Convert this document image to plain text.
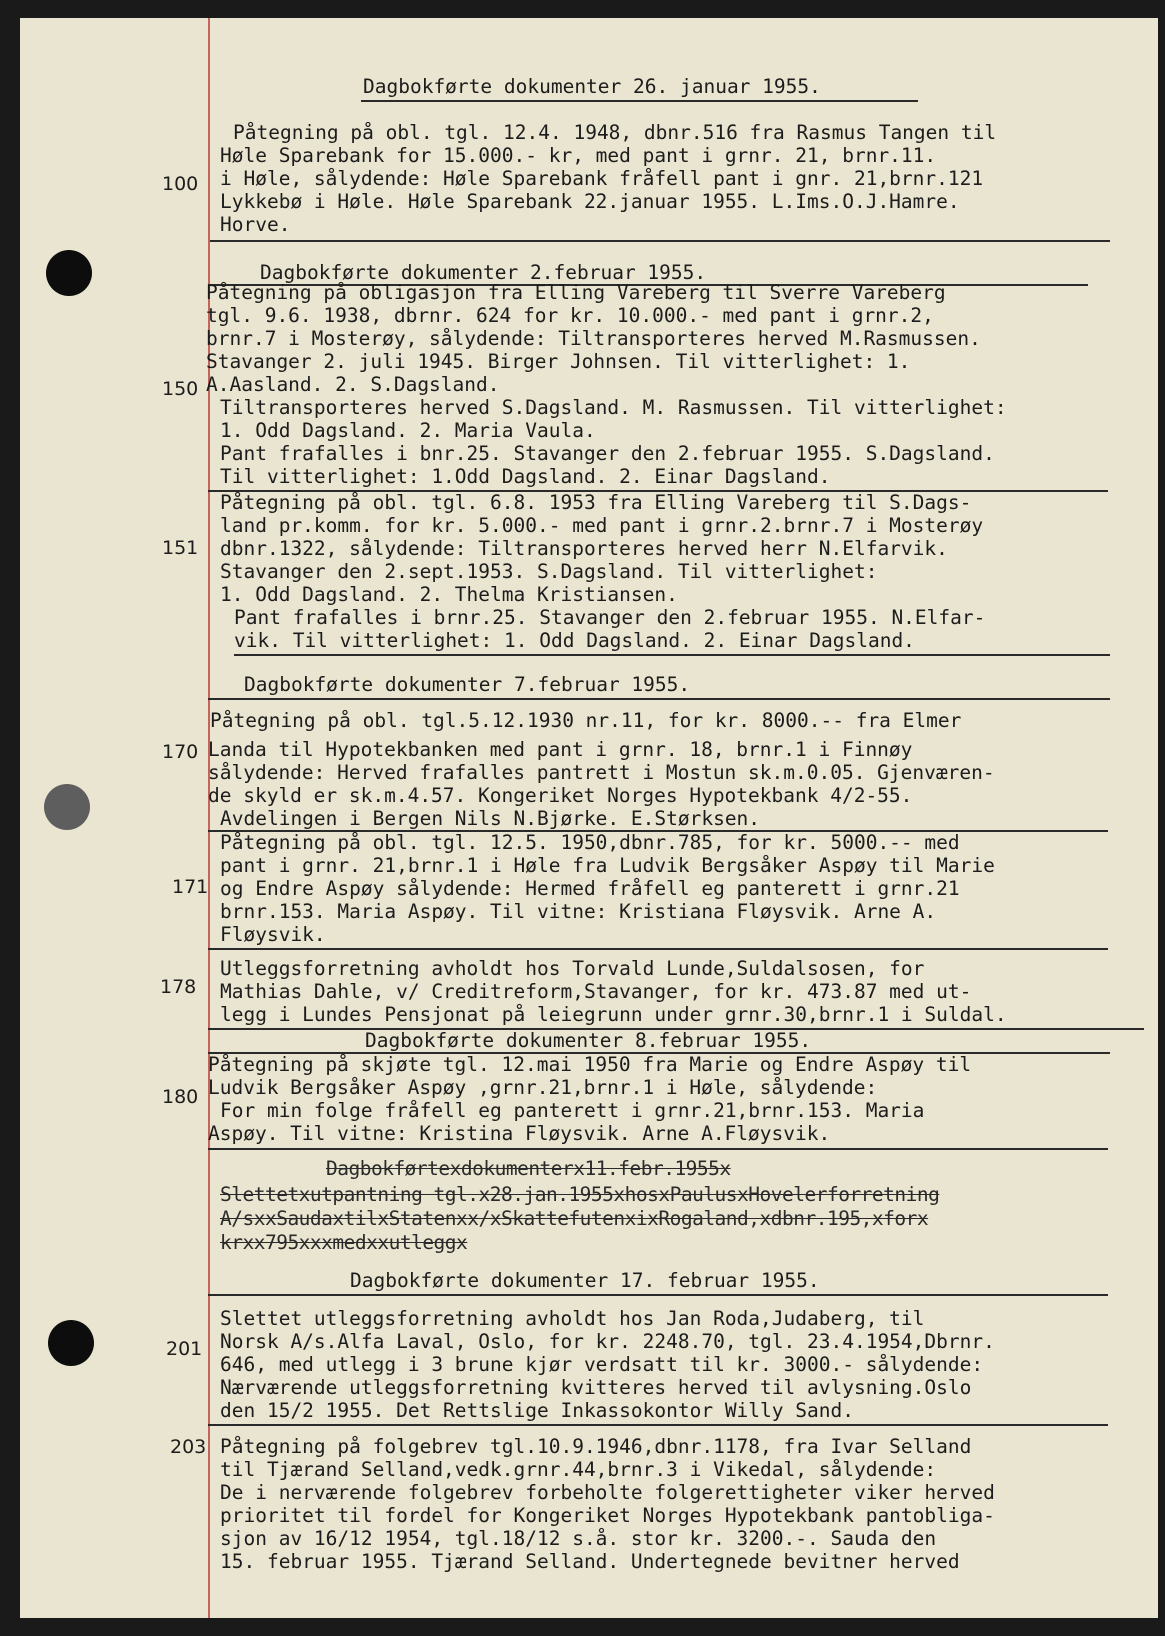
100

150

151

170

171

178

180

201

203

Dagbokførte dokumenter 26. januar 1955.

Påtegning på obl. tgl. 12.4. 1948, dbnr.516 fra Rasmus Tangen til

Høle Sparebank for 15.000.- kr, med pant i grnr. 21, brnr.11.

i Høle, sålydende: Høle Sparebank fråfell pant i gnr. 21,brnr.121

Lykkebø i Høle. Høle Sparebank 22.januar 1955. L.Ims.O.J.Hamre.

Horve.

Dagbokførte dokumenter 2.februar 1955.

Påtegning på obligasjon fra Elling Vareberg til Sverre Vareberg

tgl. 9.6. 1938, dbrnr. 624 for kr. 10.000.- med pant i grnr.2,

brnr.7 i Mosterøy, sålydende: Tiltransporteres herved M.Rasmussen.

Stavanger 2. juli 1945. Birger Johnsen. Til vitterlighet: 1.

A.Aasland. 2. S.Dagsland.

Tiltransporteres herved S.Dagsland. M. Rasmussen. Til vitterlighet:

1. Odd Dagsland. 2. Maria Vaula.

Pant frafalles i bnr.25. Stavanger den 2.februar 1955. S.Dagsland.

Til vitterlighet: 1.Odd Dagsland. 2. Einar Dagsland.

Påtegning på obl. tgl. 6.8. 1953 fra Elling Vareberg til S.Dags-

land pr.komm. for kr. 5.000.- med pant i grnr.2.brnr.7 i Mosterøy

dbnr.1322, sålydende: Tiltransporteres herved herr N.Elfarvik.

Stavanger den 2.sept.1953. S.Dagsland. Til vitterlighet:

1. Odd Dagsland. 2. Thelma Kristiansen.

Pant frafalles i brnr.25. Stavanger den 2.februar 1955. N.Elfar-

vik. Til vitterlighet: 1. Odd Dagsland. 2. Einar Dagsland.

Dagbokførte dokumenter 7.februar 1955.

Påtegning på obl. tgl.5.12.1930 nr.11, for kr. 8000.-- fra Elmer

Landa til Hypotekbanken med pant i grnr. 18, brnr.1 i Finnøy

sålydende: Herved frafalles pantrett i Mostun sk.m.0.05. Gjenværen-

de skyld er sk.m.4.57. Kongeriket Norges Hypotekbank 4/2-55.

Avdelingen i Bergen Nils N.Bjørke. E.Størksen.

Påtegning på obl. tgl. 12.5. 1950,dbnr.785, for kr. 5000.-- med

pant i grnr. 21,brnr.1 i Høle fra Ludvik Bergsåker Aspøy til Marie

og Endre Aspøy sålydende: Hermed fråfell eg panterett i grnr.21

brnr.153. Maria Aspøy. Til vitne: Kristiana Fløysvik. Arne A.

Fløysvik.

Utleggsforretning avholdt hos Torvald Lunde,Suldalsosen, for

Mathias Dahle, v/ Creditreform,Stavanger, for kr. 473.87 med ut-

legg i Lundes Pensjonat på leiegrunn under grnr.30,brnr.1 i Suldal.

Dagbokførte dokumenter 8.februar 1955.

Påtegning på skjøte tgl. 12.mai 1950 fra Marie og Endre Aspøy til

Ludvik Bergsåker Aspøy ,grnr.21,brnr.1 i Høle, sålydende:

For min folge fråfell eg panterett i grnr.21,brnr.153. Maria

Aspøy. Til vitne: Kristina Fløysvik. Arne A.Fløysvik.

Dagbokførtexdokumenterx11.febr.1955x

Slettetxutpantning tgl.x28.jan.1955xhosxPaulusxHovelerforretning

A/sxxSaudaxtilxStatenxx/xSkattefutenxixRogaland,xdbnr.195,xforx

krxx795xxxmedxxutleggx

Dagbokførte dokumenter 17. februar 1955.

Slettet utleggsforretning avholdt hos Jan Roda,Judaberg, til

Norsk A/s.Alfa Laval, Oslo, for kr. 2248.70, tgl. 23.4.1954,Dbrnr.

646, med utlegg i 3 brune kjør verdsatt til kr. 3000.- sålydende:

Nærværende utleggsforretning kvitteres herved til avlysning.Oslo

den 15/2 1955. Det Rettslige Inkassokontor Willy Sand.

Påtegning på folgebrev tgl.10.9.1946,dbnr.1178, fra Ivar Selland

til Tjærand Selland,vedk.grnr.44,brnr.3 i Vikedal, sålydende:

De i nerværende folgebrev forbeholte folgerettigheter viker herved

prioritet til fordel for Kongeriket Norges Hypotekbank pantobliga-

sjon av 16/12 1954, tgl.18/12 s.å. stor kr. 3200.-. Sauda den

15. februar 1955. Tjærand Selland. Undertegnede bevitner herved
